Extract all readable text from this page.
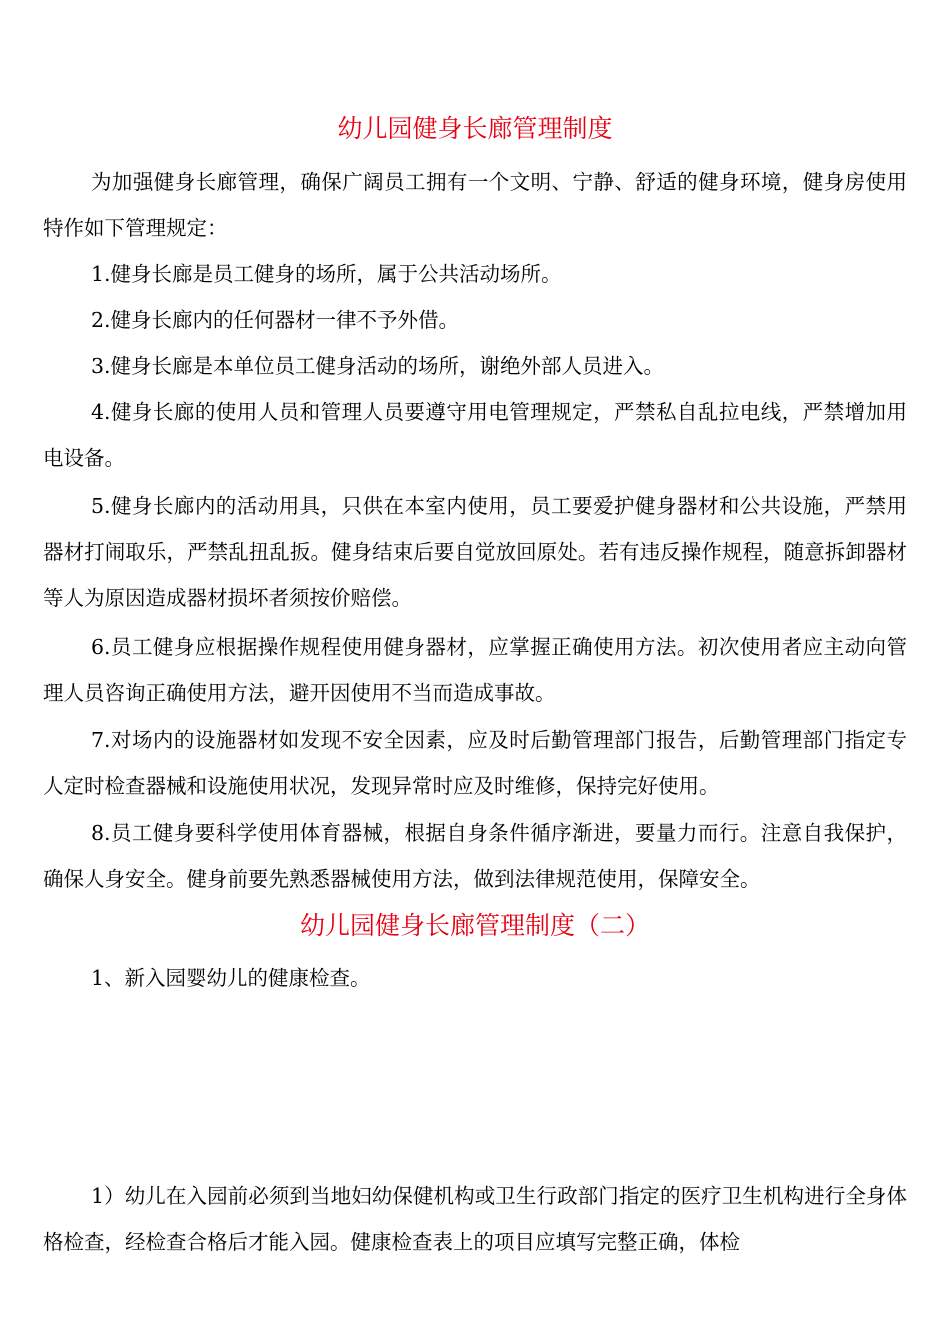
幼儿园健身长廊管理制度

为加强健身长廊管理，确保广阔员工拥有一个文明、宁静、舒适的健身环境，健身房使用特作如下管理规定：

1.健身长廊是员工健身的场所，属于公共活动场所。

2.健身长廊内的任何器材一律不予外借。

3.健身长廊是本单位员工健身活动的场所，谢绝外部人员进入。

4.健身长廊的使用人员和管理人员要遵守用电管理规定，严禁私自乱拉电线，严禁增加用电设备。

5.健身长廊内的活动用具，只供在本室内使用，员工要爱护健身器材和公共设施，严禁用器材打闹取乐，严禁乱扭乱扳。健身结束后要自觉放回原处。若有违反操作规程，随意拆卸器材等人为原因造成器材损坏者须按价赔偿。

6.员工健身应根据操作规程使用健身器材，应掌握正确使用方法。初次使用者应主动向管理人员咨询正确使用方法，避开因使用不当而造成事故。

7.对场内的设施器材如发现不安全因素，应及时后勤管理部门报告，后勤管理部门指定专人定时检查器械和设施使用状况，发现异常时应及时维修，保持完好使用。

8.员工健身要科学使用体育器械，根据自身条件循序渐进，要量力而行。注意自我保护，确保人身安全。健身前要先熟悉器械使用方法，做到法律规范使用，保障安全。

幼儿园健身长廊管理制度（二）

1、新入园婴幼儿的健康检查。

1）幼儿在入园前必须到当地妇幼保健机构或卫生行政部门指定的医疗卫生机构进行全身体格检查，经检查合格后才能入园。健康检查表上的项目应填写完整正确，体检
